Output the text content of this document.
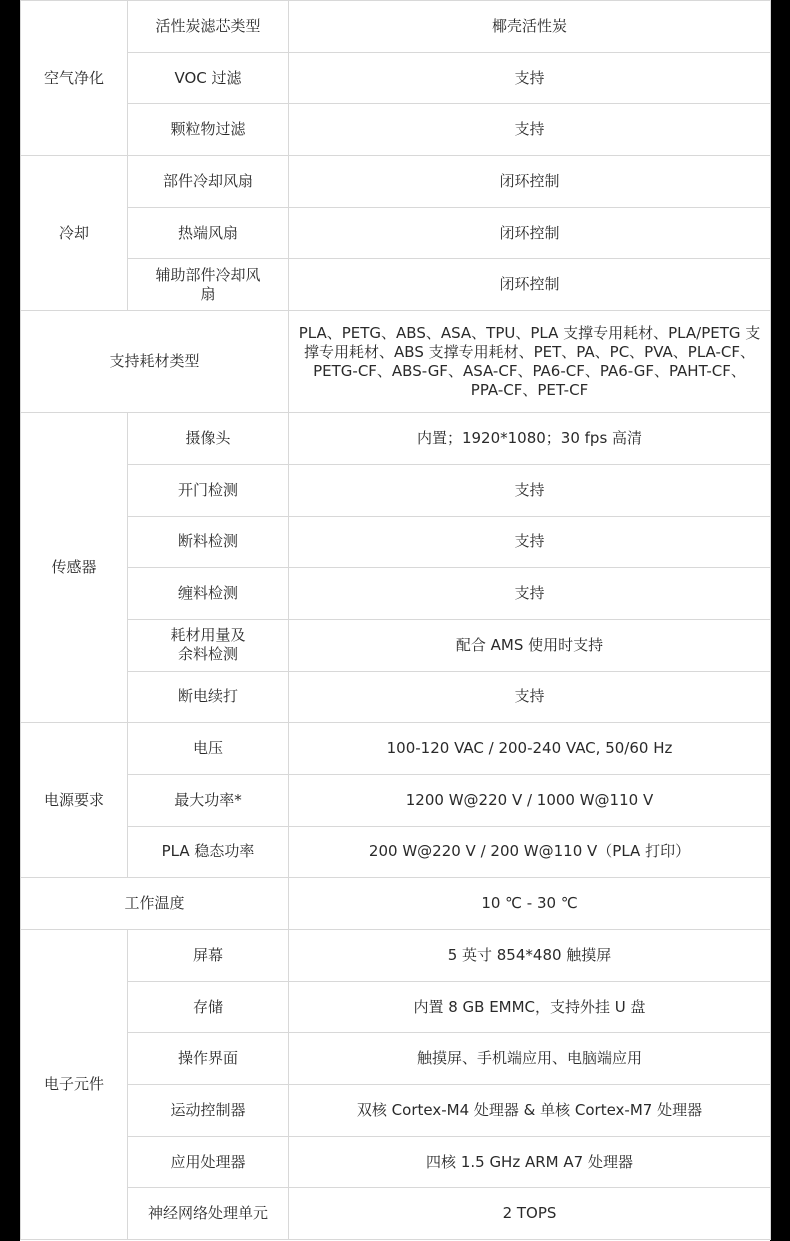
空气净化	活性炭滤芯类型	椰壳活性炭
	VOC 过滤	支持
	颗粒物过滤	支持
冷却	部件冷却风扇	闭环控制
	热端风扇	闭环控制
	辅助部件冷却风扇	闭环控制
支持耗材类型		PLA、PETG、ABS、ASA、TPU、PLA 支撑专用耗材、PLA/PETG 支撑专用耗材、ABS 支撑专用耗材、PET、PA、PC、PVA、PLA-CF、PETG-CF、ABS-GF、ASA-CF、PA6-CF、PA6-GF、PAHT-CF、PPA-CF、PET-CF
传感器	摄像头	内置；1920*1080；30 fps 高清
	开门检测	支持
	断料检测	支持
	缠料检测	支持
	耗材用量及余料检测	配合 AMS 使用时支持
	断电续打	支持
电源要求	电压	100-120 VAC / 200-240 VAC, 50/60 Hz
	最大功率*	1200 W@220 V / 1000 W@110 V
	PLA 稳态功率	200 W@220 V / 200 W@110 V（PLA 打印）
工作温度		10 ℃ - 30 ℃
电子元件	屏幕	5 英寸 854*480 触摸屏
	存储	内置 8 GB EMMC，支持外挂 U 盘
	操作界面	触摸屏、手机端应用、电脑端应用
	运动控制器	双核 Cortex-M4 处理器 & 单核 Cortex-M7 处理器
	应用处理器	四核 1.5 GHz ARM A7 处理器
	神经网络处理单元	2 TOPS
